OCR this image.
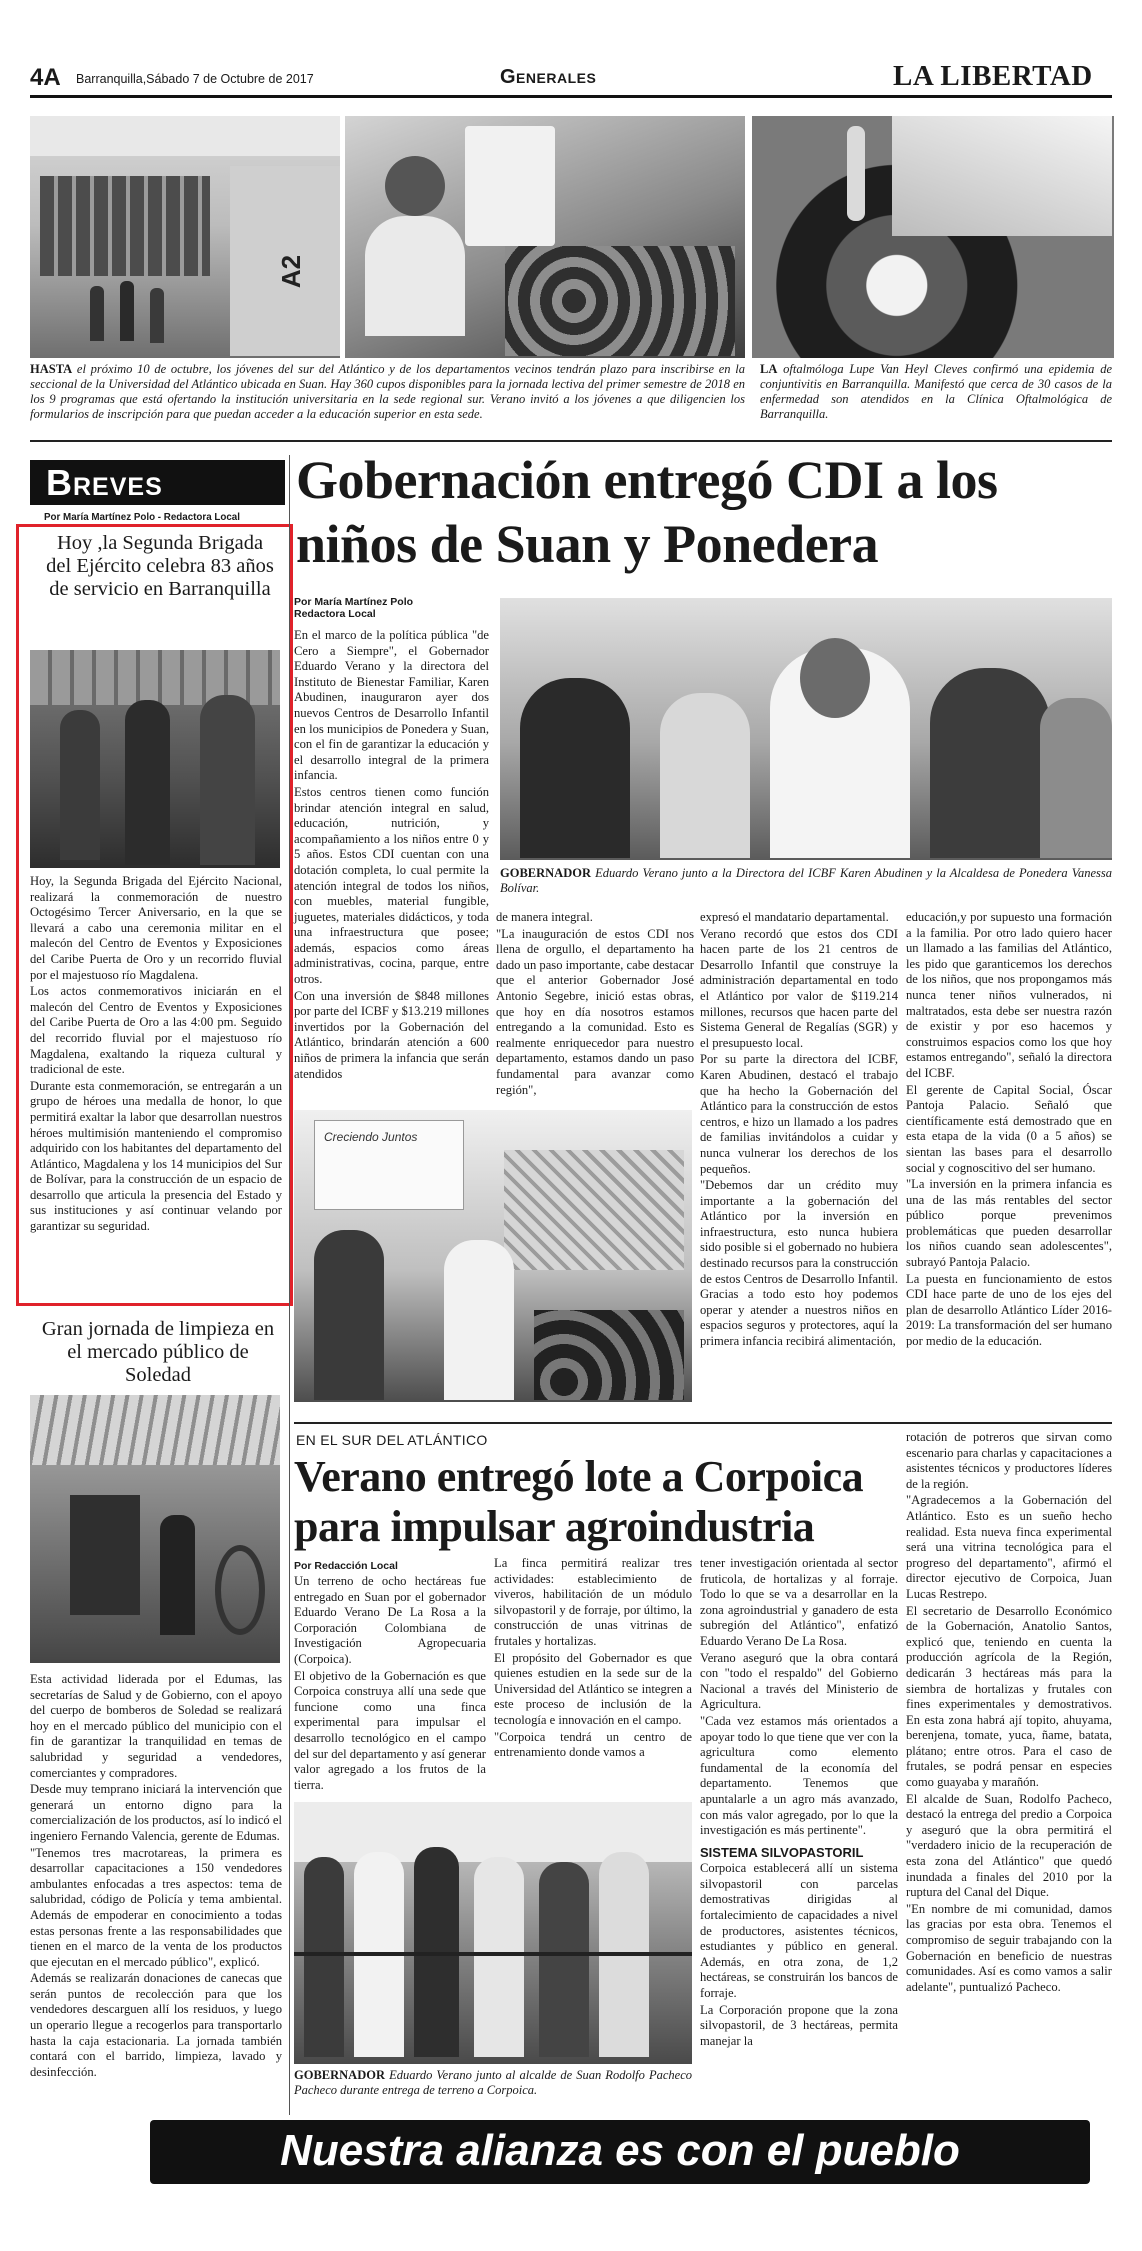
4A Barranquilla,Sábado 7 de Octubre de 2017	Generales	LA LIBERTAD
A2
HASTA el próximo 10 de octubre, los jóvenes del sur del Atlántico y de los departamentos vecinos tendrán plazo para inscribirse en la seccional de la Universidad del Atlántico ubicada en Suan. Hay 360 cupos disponibles para la jornada lectiva del primer semestre de 2018 en los 9 programas que está ofertando la institución universitaria en la sede regional sur. Verano invitó a los jóvenes a que diligencien los formularios de inscripción para que puedan acceder a la educación superior en esta sede.
LA oftalmóloga Lupe Van Heyl Cleves confirmó una epidemia de conjuntivitis en Barranquilla. Manifestó que cerca de 30 casos de la enfermedad son atendidos en la Clínica Oftalmológica de Barranquilla.
Breves
Por María Martínez Polo - Redactora Local
Hoy ,la Segunda Brigada del Ejército celebra 83 años de servicio en Barranquilla

Hoy, la Segunda Brigada del Ejército Nacional, realizará la conmemoración de nuestro Octogésimo Tercer Aniversario, en la que se llevará a cabo una ceremonia militar en el malecón del Centro de Eventos y Exposiciones del Caribe Puerta de Oro y un recorrido fluvial por el majestuoso río Magdalena.

Los actos conmemorativos iniciarán en el malecón del Centro de Eventos y Exposiciones del Caribe Puerta de Oro a las 4:00 pm. Seguido del recorrido fluvial por el majestuoso río Magdalena, exaltando la riqueza cultural y tradicional de este.

Durante esta conmemoración, se entregarán a un grupo de héroes una medalla de honor, lo que permitirá exaltar la labor que desarrollan nuestros héroes multimisión manteniendo el compromiso adquirido con los habitantes del departamento del Atlántico, Magdalena y los 14 municipios del Sur de Bolívar, para la construcción de un espacio de desarrollo que articula la presencia del Estado y sus instituciones y así continuar velando por garantizar su seguridad.

Gran jornada de limpieza en el mercado público de Soledad

Esta actividad liderada por el Edumas, las secretarías de Salud y de Gobierno, con el apoyo del cuerpo de bomberos de Soledad se realizará hoy en el mercado público del municipio con el fin de garantizar la tranquilidad en temas de salubridad y seguridad a vendedores, comerciantes y compradores.

Desde muy temprano iniciará la intervención que generará un entorno digno para la comercialización de los productos, así lo indicó el ingeniero Fernando Valencia, gerente de Edumas.

"Tenemos tres macrotareas, la primera es desarrollar capacitaciones a 150 vendedores ambulantes enfocadas a tres aspectos: tema de salubridad, código de Policía y tema ambiental. Además de empoderar en conocimiento a todas estas personas frente a las responsabilidades que tienen en el marco de la venta de los productos que ejecutan en el mercado público", explicó.

Además se realizarán donaciones de canecas que serán puntos de recolección para que los vendedores descarguen allí los residuos, y luego un operario llegue a recogerlos para transportarlo hasta la caja estacionaria. La jornada también contará con el barrido, limpieza, lavado y desinfección.

Gobernación entregó CDI a los niños de Suan y Ponedera
Por María Martínez Polo
Redactora Local

En el marco de la política pública "de Cero a Siempre", el Gobernador Eduardo Verano y la directora del Instituto de Bienestar Familiar, Karen Abudinen, inauguraron ayer dos nuevos Centros de Desarrollo Infantil en los municipios de Ponedera y Suan, con el fin de garantizar la educación y el desarrollo integral de la primera infancia.

Estos centros tienen como función brindar atención integral en salud, educación, nutrición, y acompañamiento a los niños entre 0 y 5 años. Estos CDI cuentan con una dotación completa, lo cual permite la atención integral de todos los niños, con muebles, material fungible, juguetes, materiales didácticos, y toda una infraestructura que posee; además, espacios como áreas administrativas, cocina, parque, entre otros.

Con una inversión de $848 millones por parte del ICBF y $13.219 millones invertidos por la Gobernación del Atlántico, brindarán atención a 600 niños de primera la infancia que serán atendidos

GOBERNADOR Eduardo Verano junto a la Directora del ICBF Karen Abudinen y la Alcaldesa de Ponedera Vanessa Bolívar.

de manera integral.

"La inauguración de estos CDI nos llena de orgullo, el departamento ha dado un paso importante, cabe destacar que el anterior Gobernador José Antonio Segebre, inició estas obras, que hoy en día nosotros estamos entregando a la comunidad. Esto es realmente enriquecedor para nuestro departamento, estamos dando un paso fundamental para avanzar como región",

Creciendo Juntos

expresó el mandatario departamental.

Verano recordó que estos dos CDI hacen parte de los 21 centros de Desarrollo Infantil que construye la administración departamental en todo el Atlántico por valor de $119.214 millones, recursos que hacen parte del Sistema General de Regalías (SGR) y el presupuesto local.

Por su parte la directora del ICBF, Karen Abudinen, destacó el trabajo que ha hecho la Gobernación del Atlántico para la construcción de estos centros, e hizo un llamado a los padres de familias invitándolos a cuidar y nunca vulnerar los derechos de los pequeños.

"Debemos dar un crédito muy importante a la gobernación del Atlántico por la inversión en infraestructura, esto nunca hubiera sido posible si el gobernado no hubiera destinado recursos para la construcción de estos Centros de Desarrollo Infantil. Gracias a todo esto hoy podemos operar y atender a nuestros niños en espacios seguros y protectores, aquí la primera infancia recibirá alimentación,

educación,y por supuesto una formación a la familia. Por otro lado quiero hacer un llamado a las familias del Atlántico, les pido que garanticemos los derechos de los niños, que nos propongamos más nunca tener niños vulnerados, ni maltratados, esta debe ser nuestra razón de existir y por eso hacemos y construimos espacios como los que hoy estamos entregando", señaló la directora del ICBF.

El gerente de Capital Social, Óscar Pantoja Palacio. Señaló que científicamente está demostrado que en esta etapa de la vida (0 a 5 años) se sientan las bases para el desarrollo social y cognoscitivo del ser humano.

"La inversión en la primera infancia es una de las más rentables del sector público porque prevenimos problemáticas que pueden desarrollar los niños cuando sean adolescentes", subrayó Pantoja Palacio.

La puesta en funcionamiento de estos CDI hace parte de uno de los ejes del plan de desarrollo Atlántico Líder 2016-2019: La transformación del ser humano por medio de la educación.

EN EL SUR DEL ATLÁNTICO
Verano entregó lote a Corpoica para impulsar agroindustria
Por Redacción Local

Un terreno de ocho hectáreas fue entregado en Suan por el gobernador Eduardo Verano De La Rosa a la Corporación Colombiana de Investigación Agropecuaria (Corpoica).

El objetivo de la Gobernación es que Corpoica construya allí una sede que funcione como una finca experimental para impulsar el desarrollo tecnológico en el campo del sur del departamento y así generar valor agregado a los frutos de la tierra.

La finca permitirá realizar tres actividades: establecimiento de viveros, habilitación de un módulo silvopastoril y de forraje, por último, la construcción de unas vitrinas de frutales y hortalizas.

El propósito del Gobernador es que quienes estudien en la sede sur de la Universidad del Atlántico se integren a este proceso de inclusión de la tecnología e innovación en el campo.

"Corpoica tendrá un centro de entrenamiento donde vamos a

tener investigación orientada al sector fruticola, de hortalizas y al forraje. Todo lo que se va a desarrollar en la zona agroindustrial y ganadero de esta subregión del Atlántico", enfatizó Eduardo Verano De La Rosa.

Verano aseguró que la obra contará con "todo el respaldo" del Gobierno Nacional a través del Ministerio de Agricultura.

"Cada vez estamos más orientados a apoyar todo lo que tiene que ver con la agricultura como elemento fundamental de la economía del departamento. Tenemos que apuntalarle a un agro más avanzado, con más valor agregado, por lo que la investigación es más pertinente".

SISTEMA SILVOPASTORIL

Corpoica establecerá allí un sistema silvopastoril con parcelas demostrativas dirigidas al fortalecimiento de capacidades a nivel de productores, asistentes técnicos, estudiantes y público en general. Además, en otra zona, de 1,2 hectáreas, se construirán los bancos de forraje.

La Corporación propone que la zona silvopastoril, de 3 hectáreas, permita manejar la

rotación de potreros que sirvan como escenario para charlas y capacitaciones a asistentes técnicos y productores líderes de la región.

"Agradecemos a la Gobernación del Atlántico. Esto es un sueño hecho realidad. Esta nueva finca experimental será una vitrina tecnológica para el progreso del departamento", afirmó el director ejecutivo de Corpoica, Juan Lucas Restrepo.

El secretario de Desarrollo Económico de la Gobernación, Anatolio Santos, explicó que, teniendo en cuenta la producción agrícola de la Región, dedicarán 3 hectáreas más para la siembra de hortalizas y frutales con fines experimentales y demostrativos. En esta zona habrá ají topito, ahuyama, berenjena, tomate, yuca, ñame, batata, plátano; entre otros. Para el caso de frutales, se podrá pensar en especies como guayaba y marañón.

El alcalde de Suan, Rodolfo Pacheco, destacó la entrega del predio a Corpoica y aseguró que la obra permitirá el "verdadero inicio de la recuperación de esta zona del Atlántico" que quedó inundada a finales del 2010 por la ruptura del Canal del Dique.

"En nombre de mi comunidad, damos las gracias por esta obra. Tenemos el compromiso de seguir trabajando con la Gobernación en beneficio de nuestras comunidades. Así es como vamos a salir adelante", puntualizó Pacheco.

GOBERNADOR Eduardo Verano junto al alcalde de Suan Rodolfo Pacheco Pacheco durante entrega de terreno a Corpoica.
Nuestra alianza es con el pueblo
